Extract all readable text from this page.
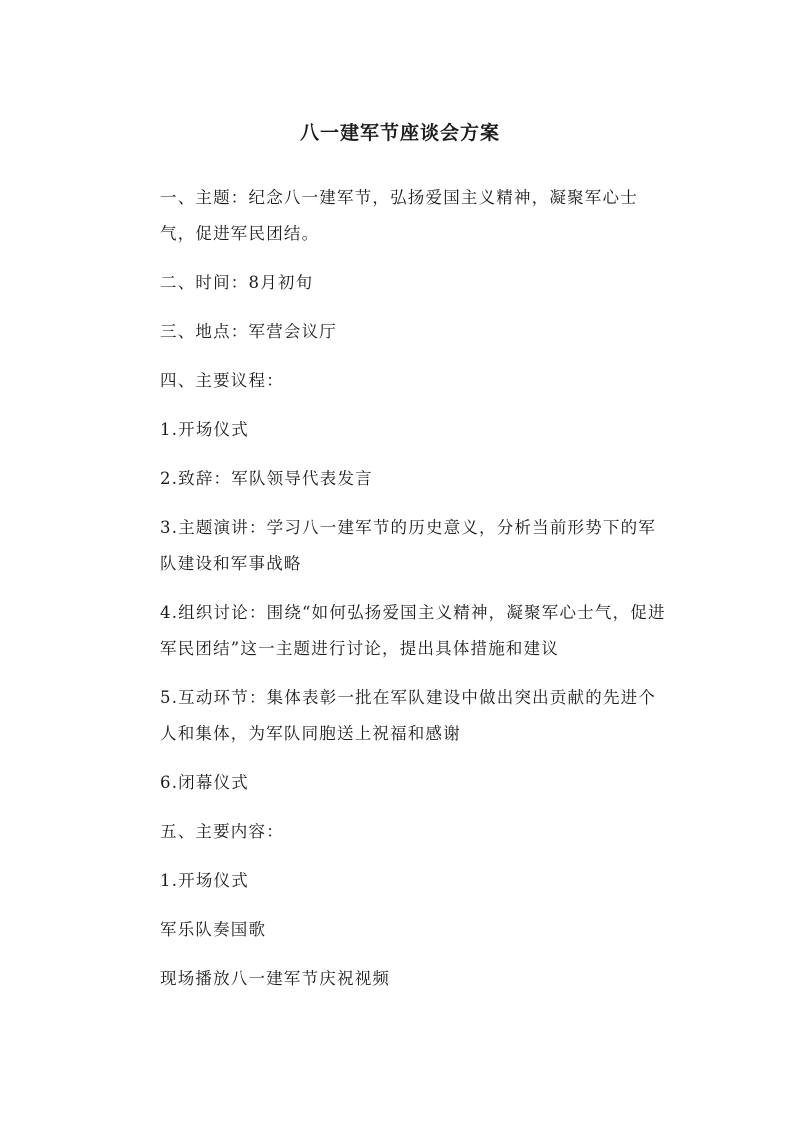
八一建军节座谈会方案

一、主题：纪念八一建军节，弘扬爱国主义精神，凝聚军心士气，促进军民团结。

二、时间：8月初旬

三、地点：军营会议厅

四、主要议程：

1.开场仪式

2.致辞：军队领导代表发言

3.主题演讲：学习八一建军节的历史意义，分析当前形势下的军队建设和军事战略

4.组织讨论：围绕“如何弘扬爱国主义精神，凝聚军心士气，促进军民团结”这一主题进行讨论，提出具体措施和建议

5.互动环节：集体表彰一批在军队建设中做出突出贡献的先进个人和集体，为军队同胞送上祝福和感谢

6.闭幕仪式

五、主要内容：

1.开场仪式

军乐队奏国歌

现场播放八一建军节庆祝视频
